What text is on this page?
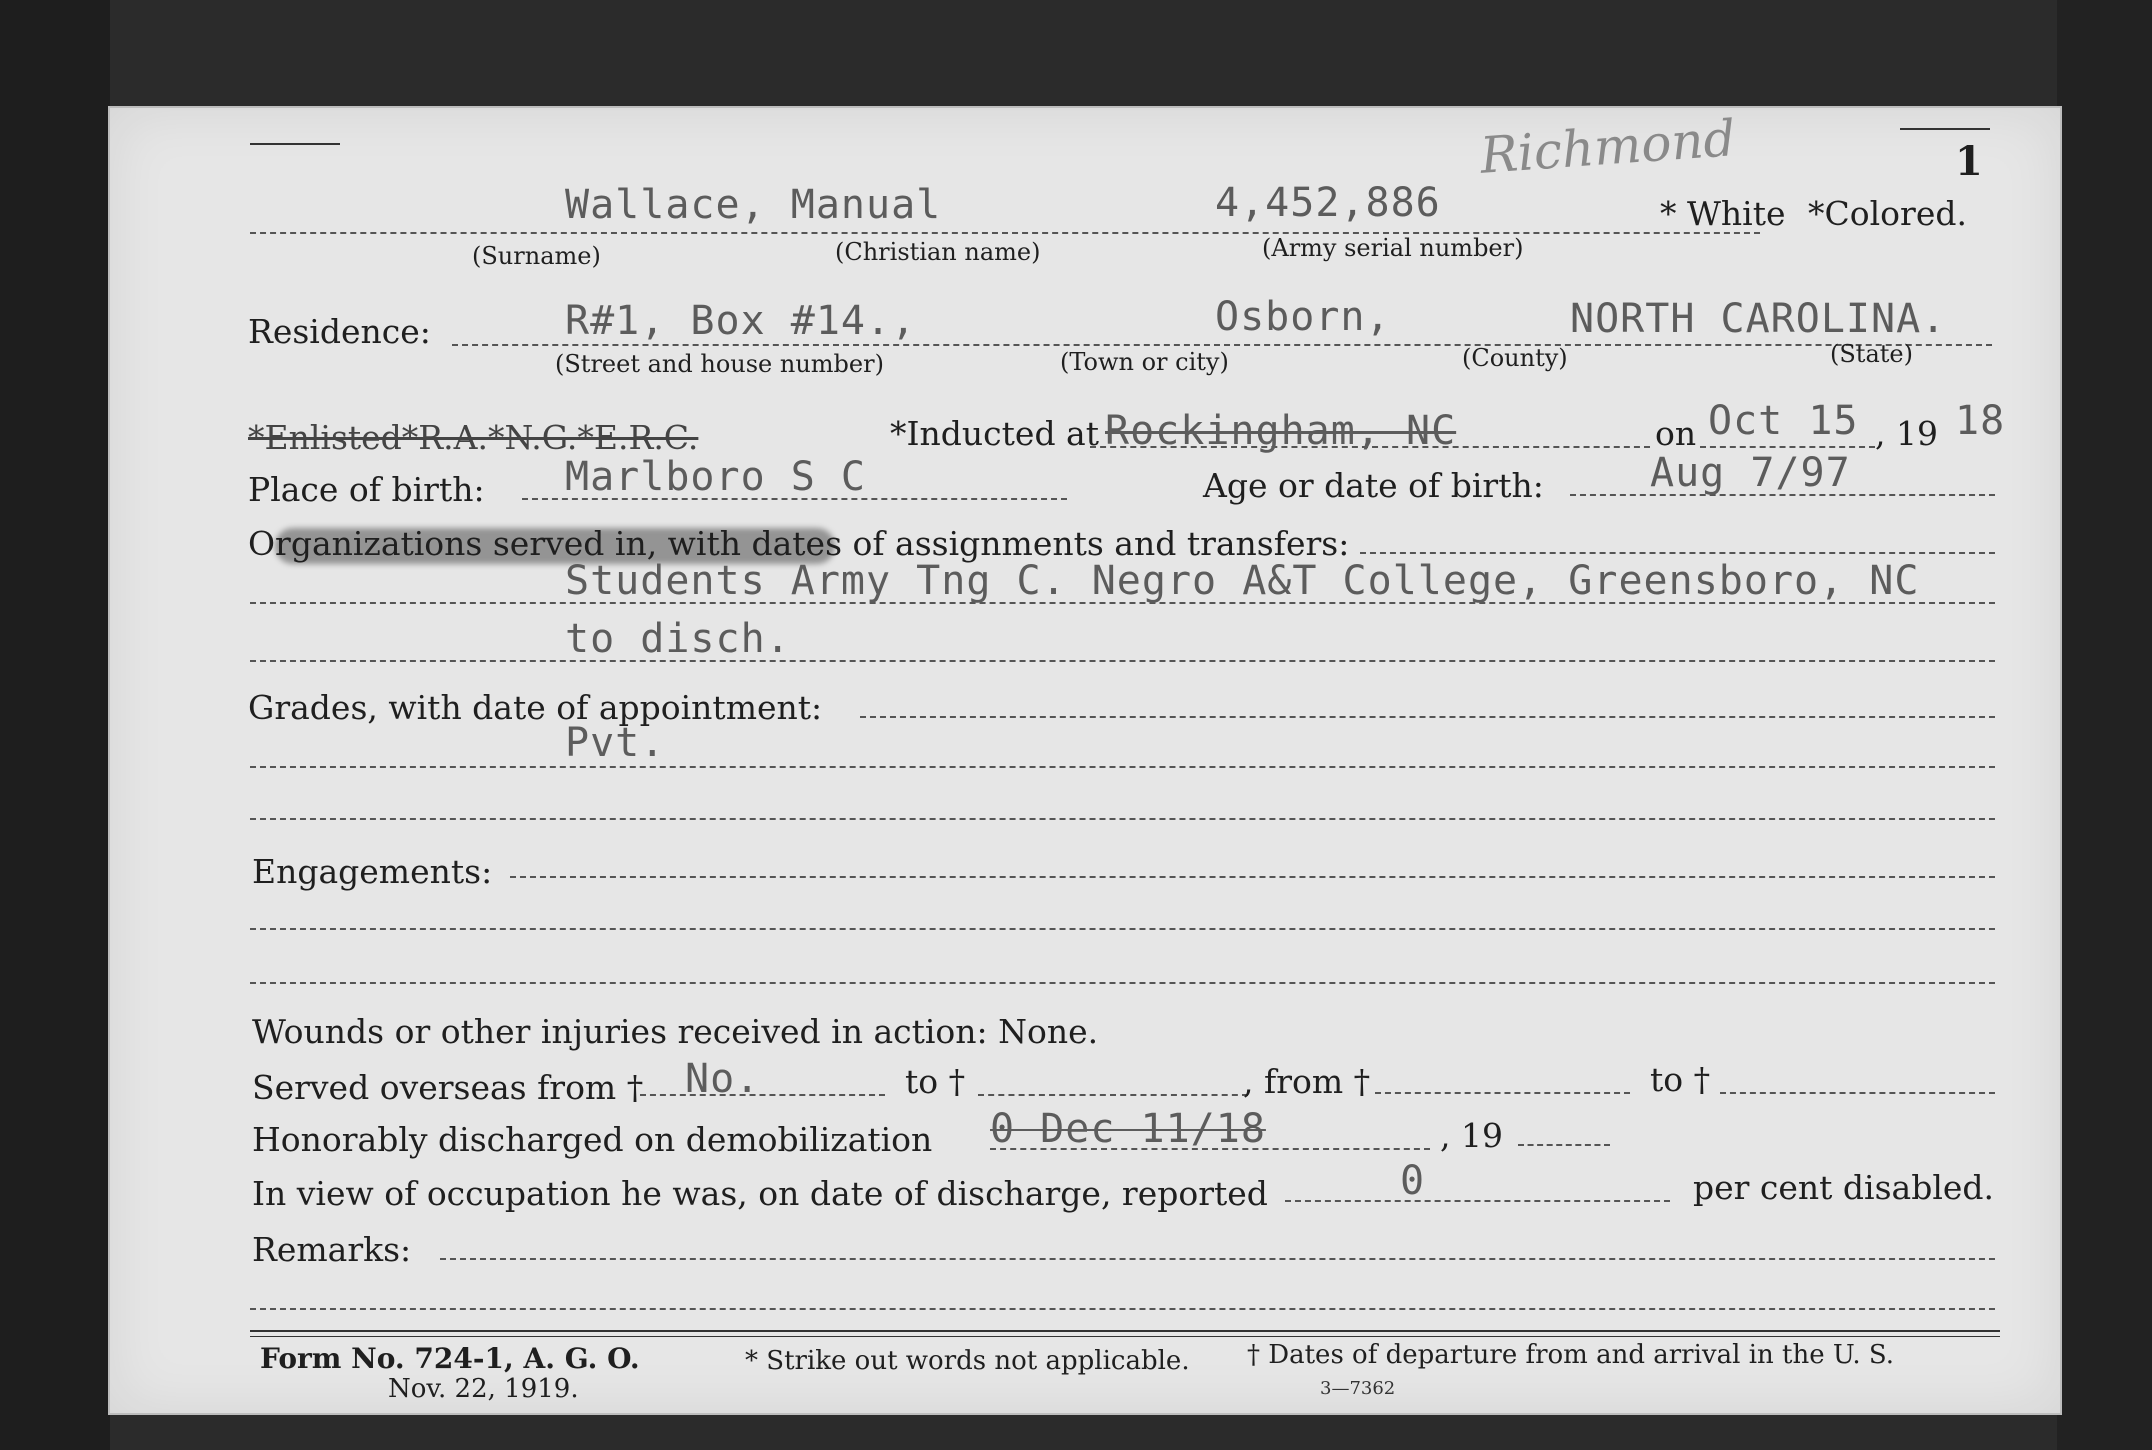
1
Richmond
Wallace, Manual	4,452,886	* White *Colored.
(Surname)	(Christian name)	(Army serial number)
Residence:	R#1, Box #14.,	Osborn,	NORTH CAROLINA.
(Street and house number)	(Town or city)	(County)	(State)
*Enlisted*R.A.*N.G.*E.R.C.	*Inducted at Rockingham, NC	on Oct 15 , 19 18
Place of birth: Marlboro S C	Age or date of birth:	Aug 7/97
Organizations served in, with dates of assignments and transfers:
Students Army Tng C. Negro A&T College, Greensboro, NC
to disch.
Grades, with date of appointment:
Pvt.
Engagements:
Wounds or other injuries received in action: None.
Served overseas from † No.	to †	, from †	to †
Honorably discharged on demobilization 0 Dec 11/18	, 19
In view of occupation he was, on date of discharge, reported	0	per cent disabled.
Remarks:
Form No. 724-1, A. G. O.
Nov. 22, 1919.
* Strike out words not applicable. † Dates of departure from and arrival in the U. S.
3—7362
